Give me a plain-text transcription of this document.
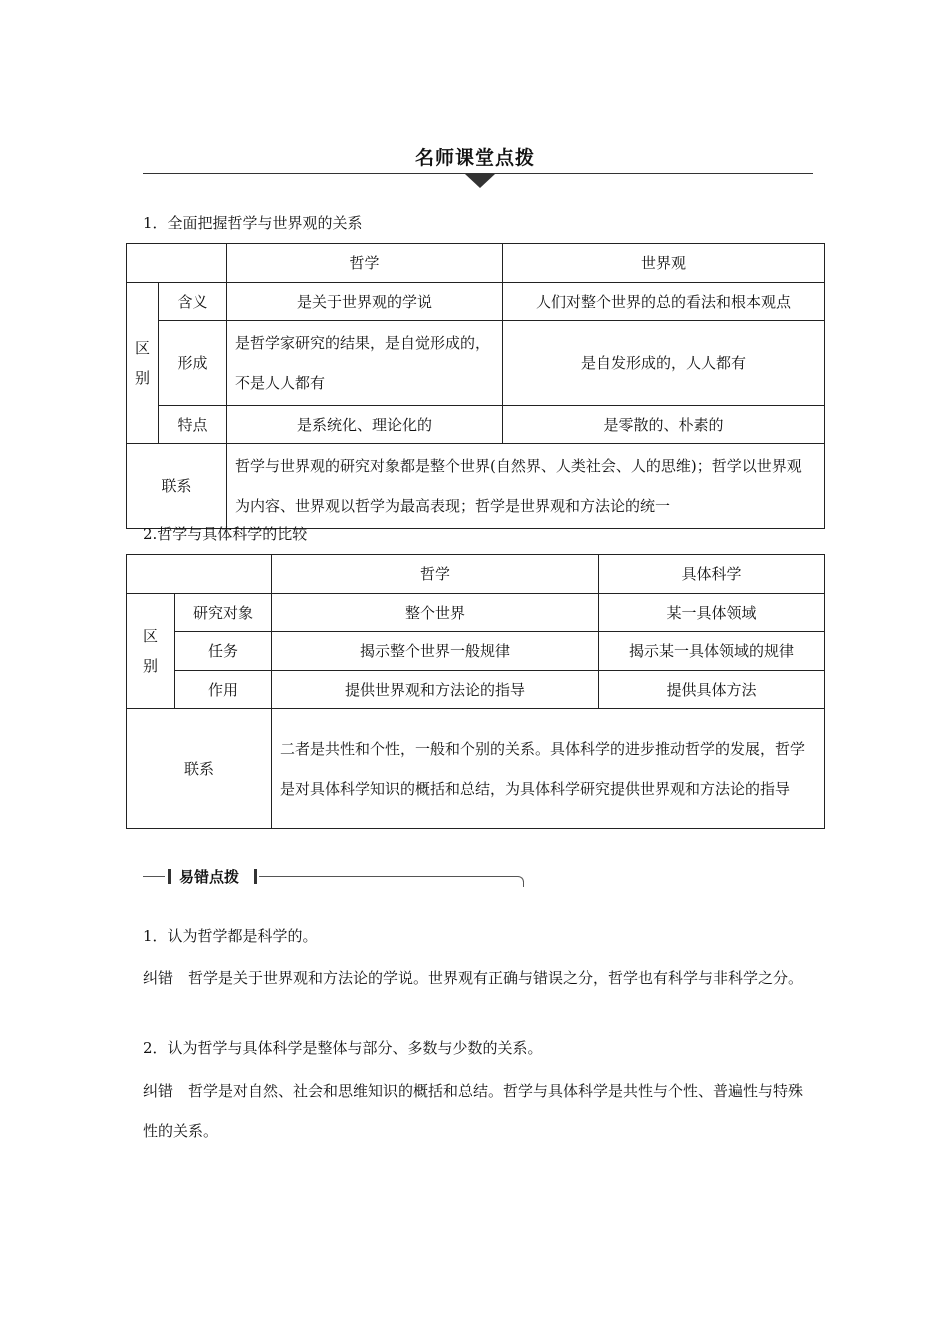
名师课堂点拨
1．全面把握哲学与世界观的关系
		哲学	世界观
区别	含义	是关于世界观的学说	人们对整个世界的总的看法和根本观点
	形成	是哲学家研究的结果，是自觉形成的，不是人人都有	是自发形成的，人人都有
	特点	是系统化、理论化的	是零散的、朴素的
联系		哲学与世界观的研究对象都是整个世界(自然界、人类社会、人的思维)；哲学以世界观为内容、世界观以哲学为最高表现；哲学是世界观和方法论的统一	
2.哲学与具体科学的比较
		哲学	具体科学
区别	研究对象	整个世界	某一具体领域
	任务	揭示整个世界一般规律	揭示某一具体领域的规律
	作用	提供世界观和方法论的指导	提供具体方法
联系		二者是共性和个性，一般和个别的关系。具体科学的进步推动哲学的发展，哲学是对具体科学知识的概括和总结，为具体科学研究提供世界观和方法论的指导	
易错点拨
1．认为哲学都是科学的。
纠错　哲学是关于世界观和方法论的学说。世界观有正确与错误之分，哲学也有科学与非科学之分。
2．认为哲学与具体科学是整体与部分、多数与少数的关系。
纠错　哲学是对自然、社会和思维知识的概括和总结。哲学与具体科学是共性与个性、普遍性与特殊性的关系。
